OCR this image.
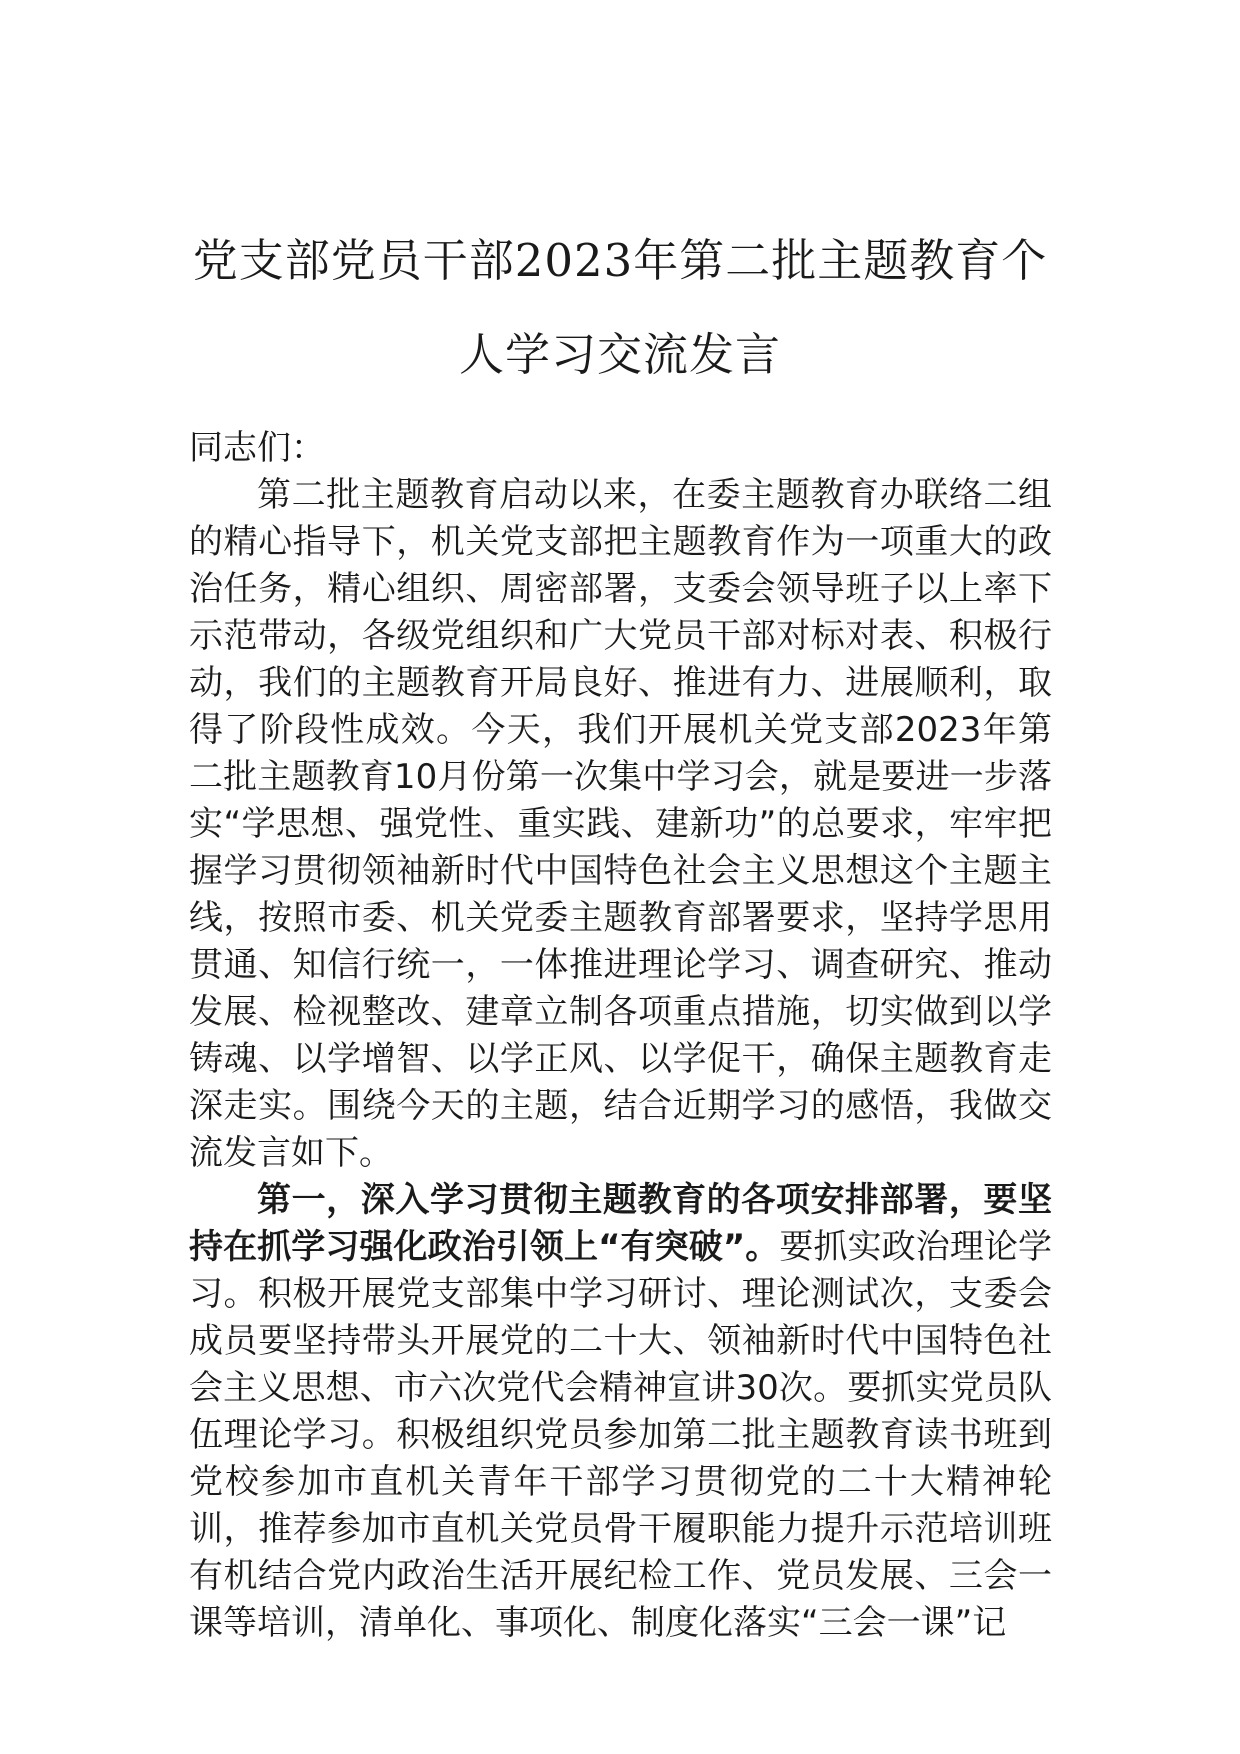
党支部党员干部2023年第二批主题教育个
人学习交流发言

同志们：

第二批主题教育启动以来，在委主题教育办联络二组的精心指导下，机关党支部把主题教育作为一项重大的政治任务，精心组织、周密部署，支委会领导班子以上率下示范带动，各级党组织和广大党员干部对标对表、积极行动，我们的主题教育开局良好、推进有力、进展顺利，取得了阶段性成效。今天，我们开展机关党支部2023年第二批主题教育10月份第一次集中学习会，就是要进一步落实“学思想、强党性、重实践、建新功”的总要求，牢牢把握学习贯彻领袖新时代中国特色社会主义思想这个主题主线，按照市委、机关党委主题教育部署要求，坚持学思用贯通、知信行统一，一体推进理论学习、调查研究、推动发展、检视整改、建章立制各项重点措施，切实做到以学铸魂、以学增智、以学正风、以学促干，确保主题教育走深走实。围绕今天的主题，结合近期学习的感悟，我做交流发言如下。

第一，深入学习贯彻主题教育的各项安排部署，要坚持在抓学习强化政治引领上“有突破”。要抓实政治理论学习。积极开展党支部集中学习研讨、理论测试次，支委会成员要坚持带头开展党的二十大、领袖新时代中国特色社会主义思想、市六次党代会精神宣讲30次。要抓实党员队伍理论学习。积极组织党员参加第二批主题教育读书班到党校参加市直机关青年干部学习贯彻党的二十大精神轮训，推荐参加市直机关党员骨干履职能力提升示范培训班有机结合党内政治生活开展纪检工作、党员发展、三会一课等培训，清单化、事项化、制度化落实“三会一课”记
